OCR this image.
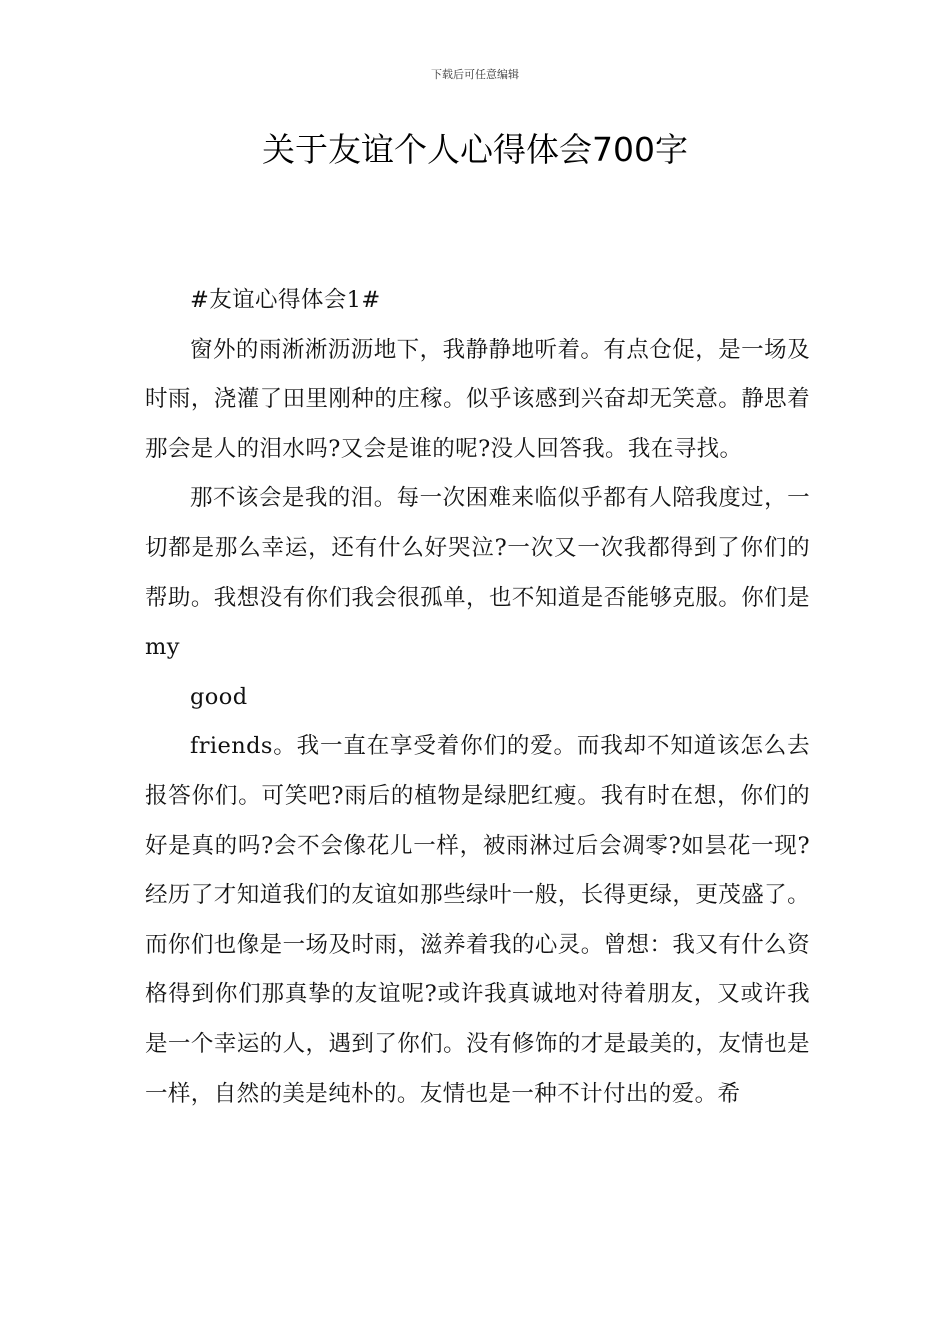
下载后可任意编辑
关于友谊个人心得体会700字

#友谊心得体会1#

窗外的雨淅淅沥沥地下，我静静地听着。有点仓促，是一场及时雨，浇灌了田里刚种的庄稼。似乎该感到兴奋却无笑意。静思着那会是人的泪水吗?又会是谁的呢?没人回答我。我在寻找。

那不该会是我的泪。每一次困难来临似乎都有人陪我度过，一切都是那么幸运，还有什么好哭泣?一次又一次我都得到了你们的帮助。我想没有你们我会很孤单，也不知道是否能够克服。你们是my

good

friends。我一直在享受着你们的爱。而我却不知道该怎么去报答你们。可笑吧?雨后的植物是绿肥红瘦。我有时在想，你们的好是真的吗?会不会像花儿一样，被雨淋过后会凋零?如昙花一现?经历了才知道我们的友谊如那些绿叶一般，长得更绿，更茂盛了。而你们也像是一场及时雨，滋养着我的心灵。曾想：我又有什么资格得到你们那真挚的友谊呢?或许我真诚地对待着朋友，又或许我是一个幸运的人，遇到了你们。没有修饰的才是最美的，友情也是一样，自然的美是纯朴的。友情也是一种不计付出的爱。希
